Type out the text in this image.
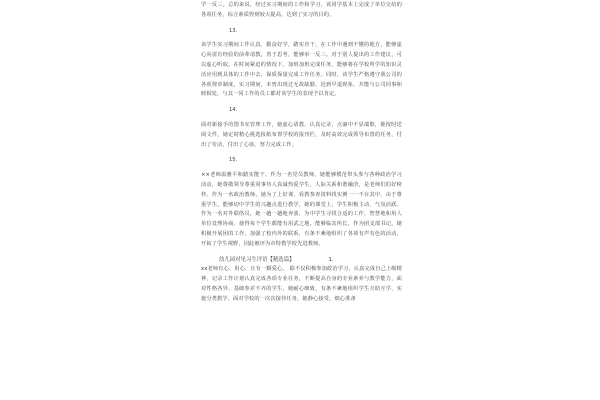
学一反三。总的来说，经过实习期间的工作和学习，该同学基本上完成了单位交给的各项任务，综合素质得到较大提高，达到了实习的目的。
13.
该学生实习期间工作认真，勤奋好学，踏实肯干，在工作中遇到不懂的地方，能够虚心向富有经验的前辈请教，善于思考，能够举一反三。对于别人提出的工作建议，可以虚心听取。在时间紧迫的情况下，加班加班完成任务，能够将在学校所学的知识灵活应用到具体的工作中去，保质保量完成工作任务。同时，该学生严格遵守我公司的各项规章制度，实习期间，未曾出现过无故缺勤、迟到早退现象，并能与公司同事和睦相处，与其一同工作的员工都对该学生的表现予以肯定。
14.
面对新接手的图书室管理工作，她虚心请教，认真记录，点滴中不显端歇，她按时送阅文件，她定时精心挑选报纸布置学校的报刊栏，及时高效完成领导布置的任务，付出了劳动，付出了心血，努力完成工作。
15.
××老师温雅平和踏实能干。作为一名党员教师，她能够模范带头参与各种政治学习活动，她尊敬领导尊重同事待人真诚热爱学生，人际关系和谐融洽，是老师们的好榜样。作为一名政治教师，她为了上好课，看教参查资料找实例一一不在其中，由于尊重学生，能够切中学生的兴趣点进行教学，她的课堂上，学生积极主动、气氛活跃。作为一名对外联络员，她一趟一趟地奔波，为中学生寻找合适的工作，智慧地和用人单位处理协商，使得每个学生都能有用武之地。能够临其所长，作为团支部书记，她积极开展团的工作，加强了校内外的联系，有条不紊地组织了各项有声有色的活动，开拓了学生视野，因此被评为市特教学校先进教师。
幼儿园对见习生评语【精选篇】	1.
xx老师有心、用心、且有一颗爱心。 除不仅积极参加政治学习，认真完成自己上级精神，记录工作计划认真完成各项专业任务，不断提高自身的专业素养与教学能力，面对性格各异、基础参差不齐的学生，她耐心细致，有条不紊地组织学生互助互学，实施分类教学。面对学校的一次次接待任务，她静心接受，细心准备
